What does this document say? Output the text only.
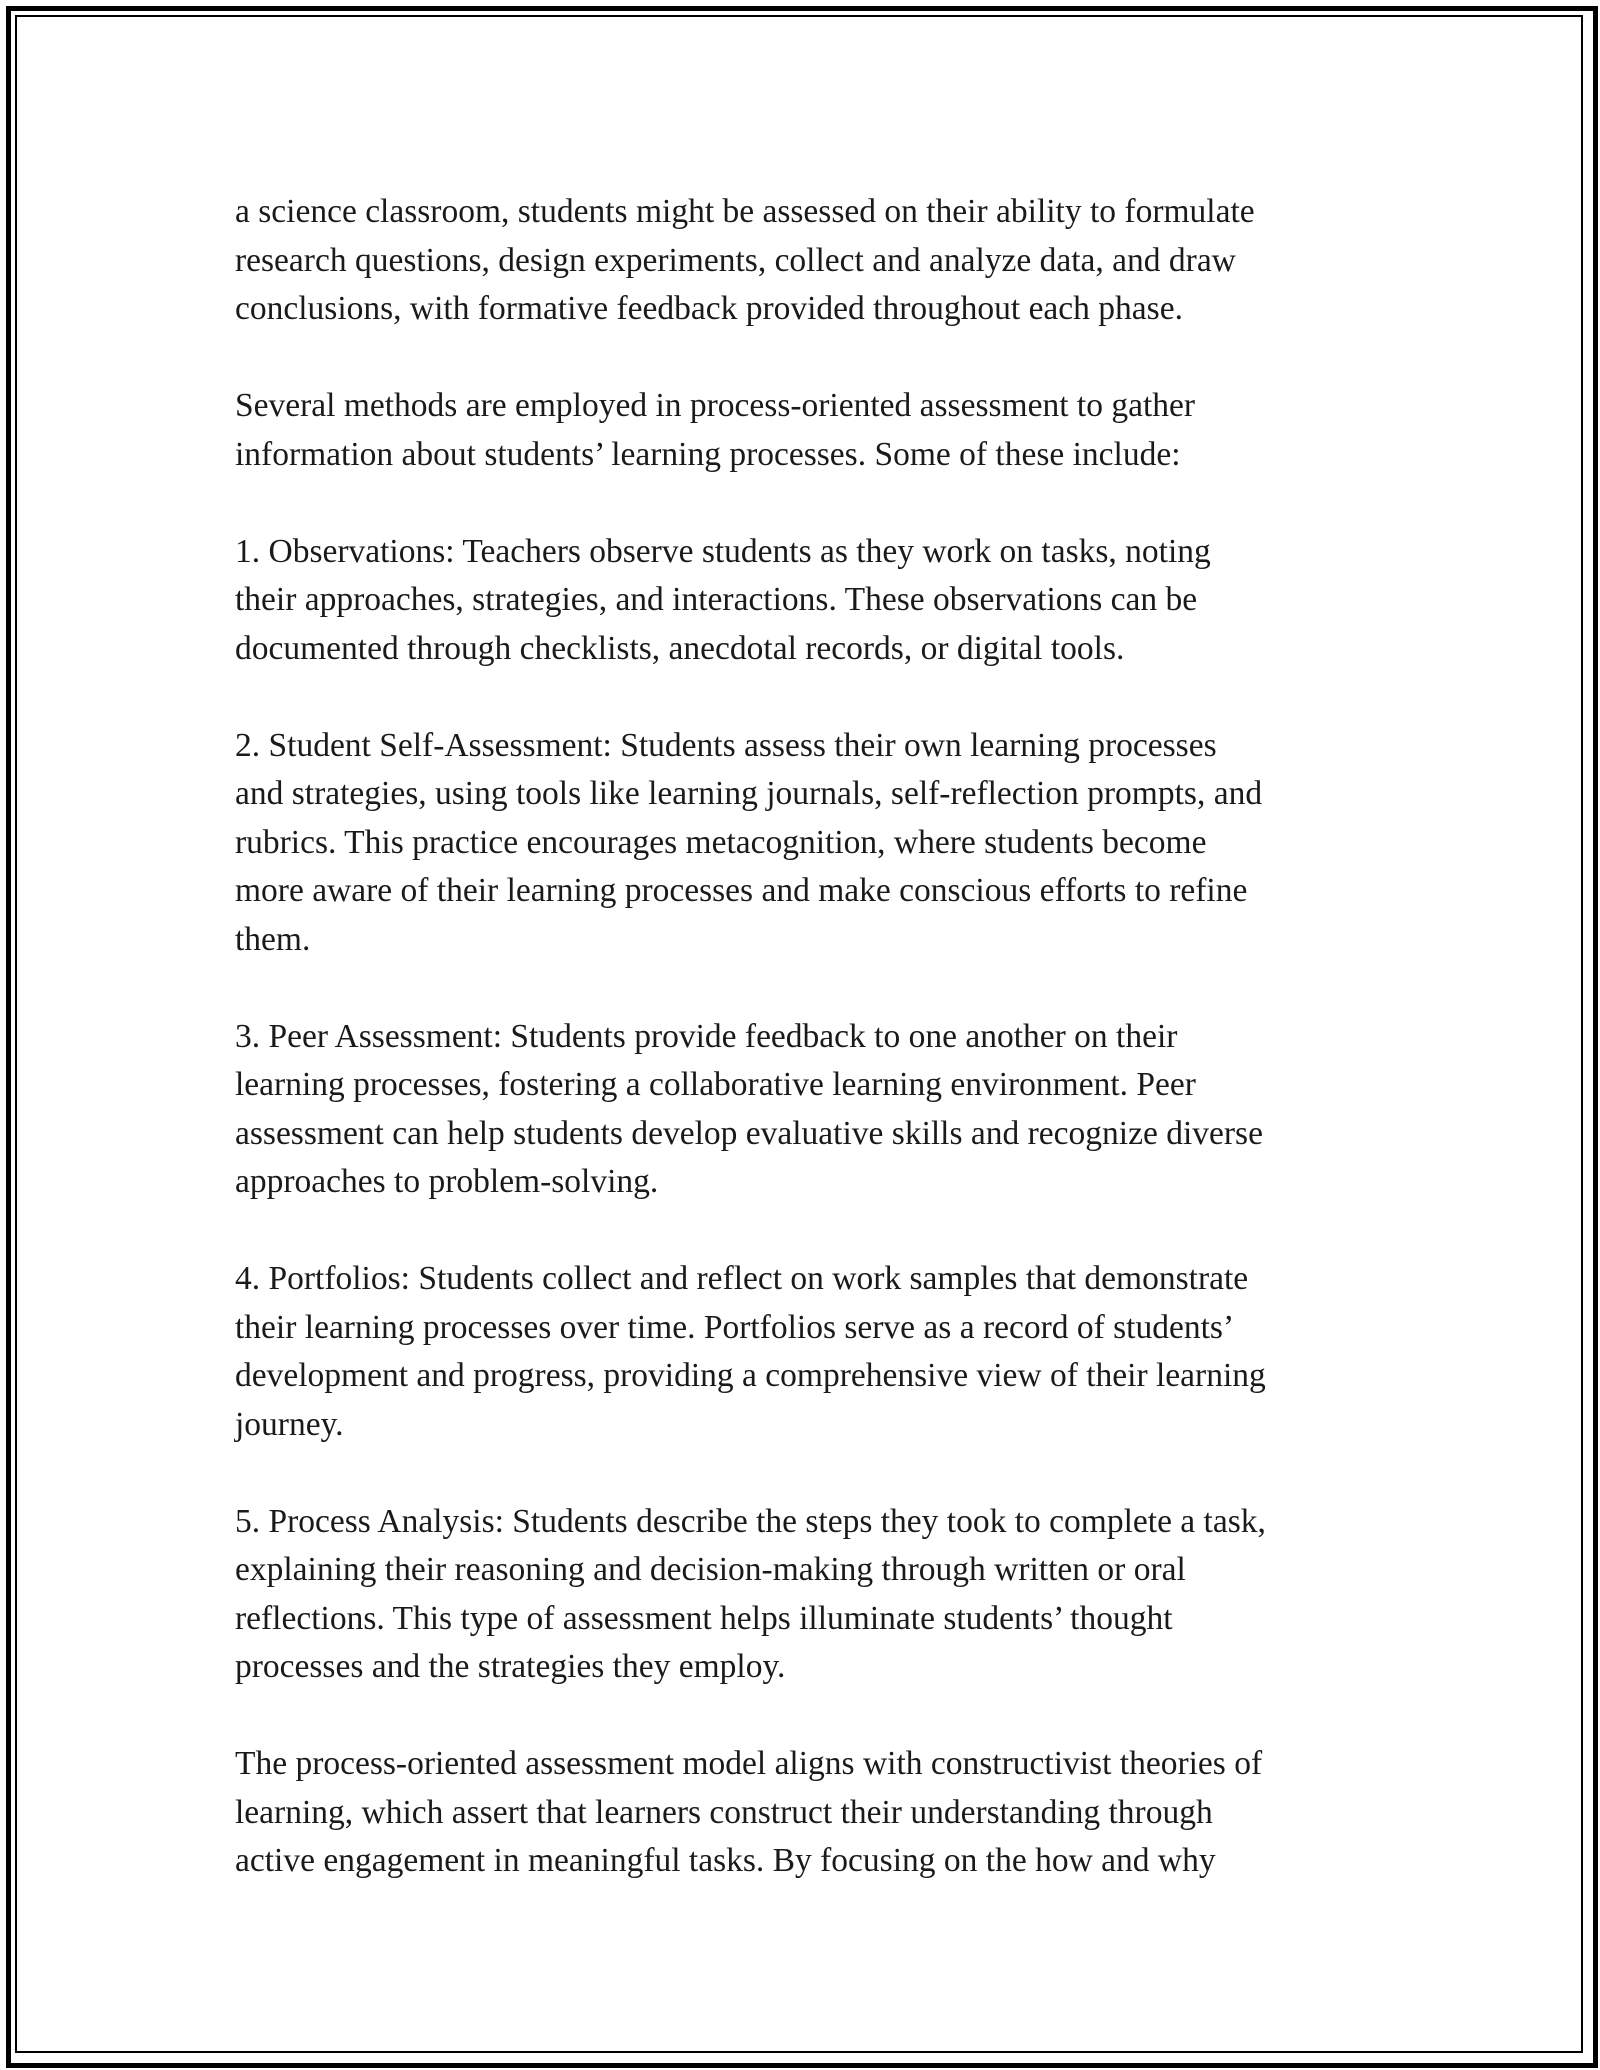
a science classroom, students might be assessed on their ability to formulate
research questions, design experiments, collect and analyze data, and draw
conclusions, with formative feedback provided throughout each phase.

Several methods are employed in process-oriented assessment to gather
information about students’ learning processes. Some of these include:

1. Observations: Teachers observe students as they work on tasks, noting
their approaches, strategies, and interactions. These observations can be
documented through checklists, anecdotal records, or digital tools.

2. Student Self-Assessment: Students assess their own learning processes
and strategies, using tools like learning journals, self-reflection prompts, and
rubrics. This practice encourages metacognition, where students become
more aware of their learning processes and make conscious efforts to refine
them.

3. Peer Assessment: Students provide feedback to one another on their
learning processes, fostering a collaborative learning environment. Peer
assessment can help students develop evaluative skills and recognize diverse
approaches to problem-solving.

4. Portfolios: Students collect and reflect on work samples that demonstrate
their learning processes over time. Portfolios serve as a record of students’
development and progress, providing a comprehensive view of their learning
journey.

5. Process Analysis: Students describe the steps they took to complete a task,
explaining their reasoning and decision-making through written or oral
reflections. This type of assessment helps illuminate students’ thought
processes and the strategies they employ.

The process-oriented assessment model aligns with constructivist theories of
learning, which assert that learners construct their understanding through
active engagement in meaningful tasks. By focusing on the how and why
